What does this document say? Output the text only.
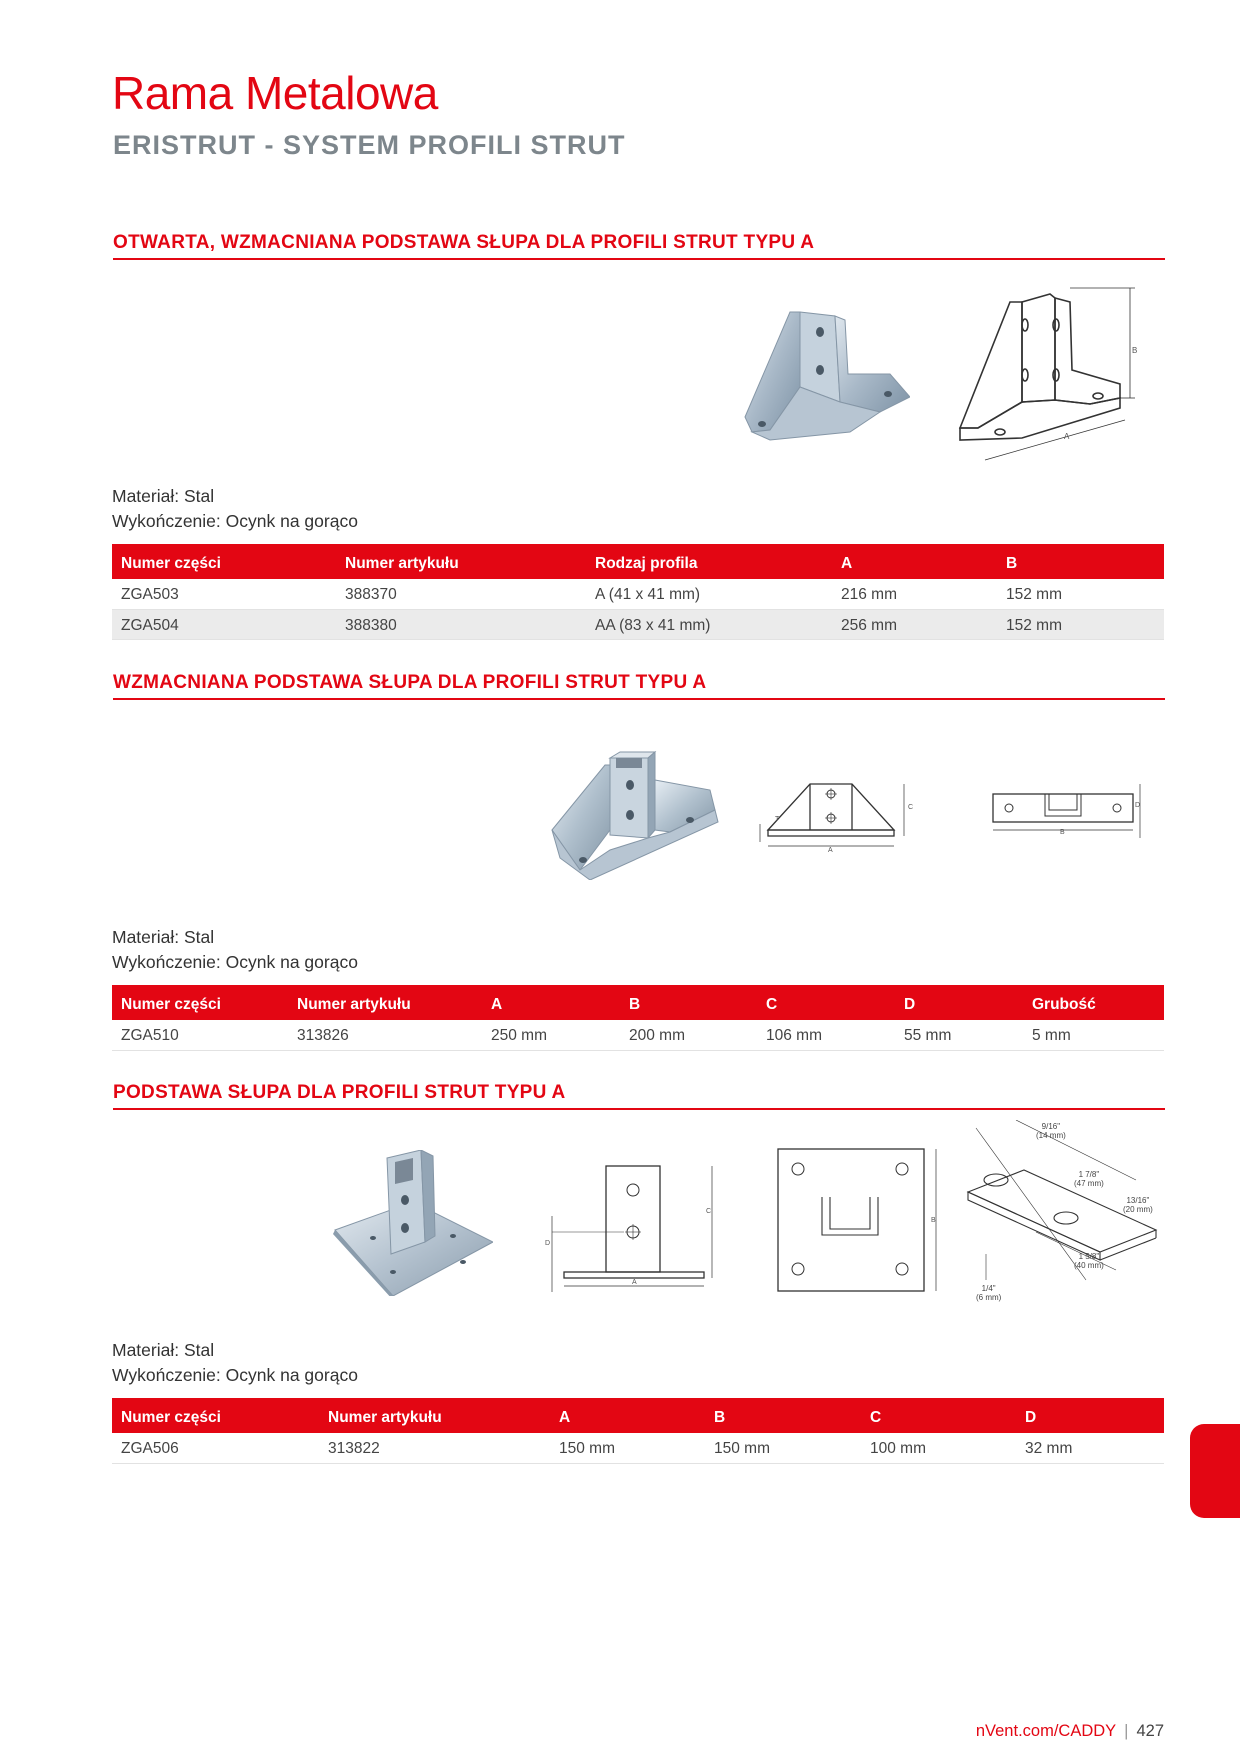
Rama Metalowa
ERISTRUT - SYSTEM PROFILI STRUT
OTWARTA, WZMACNIANA PODSTAWA SŁUPA DLA PROFILI STRUT TYPU A
B
A
Materiał: Stal
Wykończenie: Ocynk na gorąco
Numer części	Numer artykułu	Rodzaj profila	A	B
ZGA503	388370	A (41 x 41 mm)	216 mm	152 mm
ZGA504	388380	AA (83 x 41 mm)	256 mm	152 mm
WZMACNIANA PODSTAWA SŁUPA DLA PROFILI STRUT TYPU A
C
A
T
D
B
Materiał: Stal
Wykończenie: Ocynk na gorąco
Numer części	Numer artykułu	A	B	C	D	Grubość
ZGA510	313826	250 mm	200 mm	106 mm	55 mm	5 mm
PODSTAWA SŁUPA DLA PROFILI STRUT TYPU A
C
D
A
B
9/16"
(14 mm)
1 7/8"
(47 mm)
13/16"
(20 mm)
1 5/8"
(40 mm)
1/4"
(6 mm)
Materiał: Stal
Wykończenie: Ocynk na gorąco
Numer części	Numer artykułu	A	B	C	D
ZGA506	313822	150 mm	150 mm	100 mm	32 mm
nVent.com/CADDY | 427
